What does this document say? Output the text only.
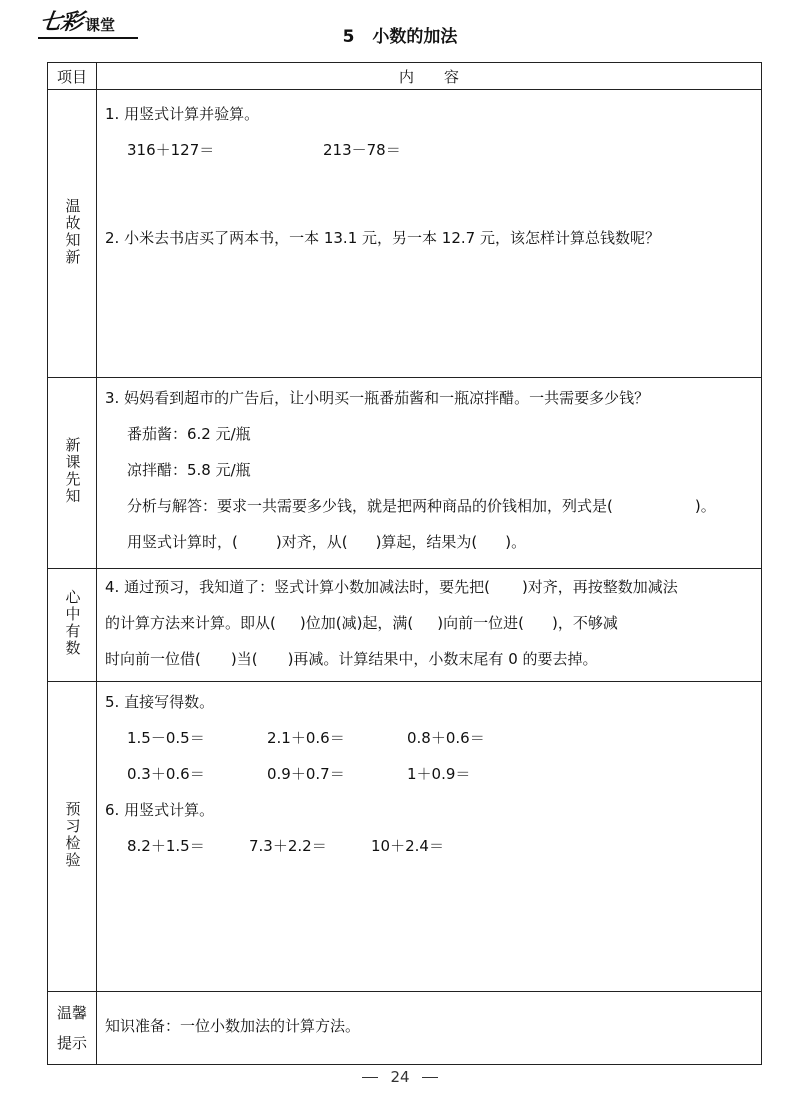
七彩 课堂
5 小数的加法
项目	内　　容
温故知新	1. 用竖式计算并验算。
316＋127＝ 213－78＝
2. 小米去书店买了两本书，一本 13.1 元，另一本 12.7 元，该怎样计算总钱数呢？

新课先知	3. 妈妈看到超市的广告后，让小明买一瓶番茄酱和一瓶凉拌醋。一共需要多少钱？
番茄酱：6.2 元/瓶
凉拌醋：5.8 元/瓶
分析与解答：要求一共需要多少钱，就是把两种商品的价钱相加，列式是( )。
用竖式计算时，( )对齐，从( )算起，结果为( )。

心中有数	4. 通过预习，我知道了：竖式计算小数加减法时，要先把( )对齐，再按整数加减法
的计算方法来计算。即从( )位加(减)起，满( )向前一位进( )，不够减
时向前一位借( )当( )再减。计算结果中，小数末尾有 0 的要去掉。

预习检验	5. 直接写得数。
1.5－0.5＝ 2.1＋0.6＝ 0.8＋0.6＝
0.3＋0.6＝ 0.9＋0.7＝ 1＋0.9＝
6. 用竖式计算。
8.2＋1.5＝ 7.3＋2.2＝ 10＋2.4＝

温馨
提示	知识准备：一位小数加法的计算方法。
24
